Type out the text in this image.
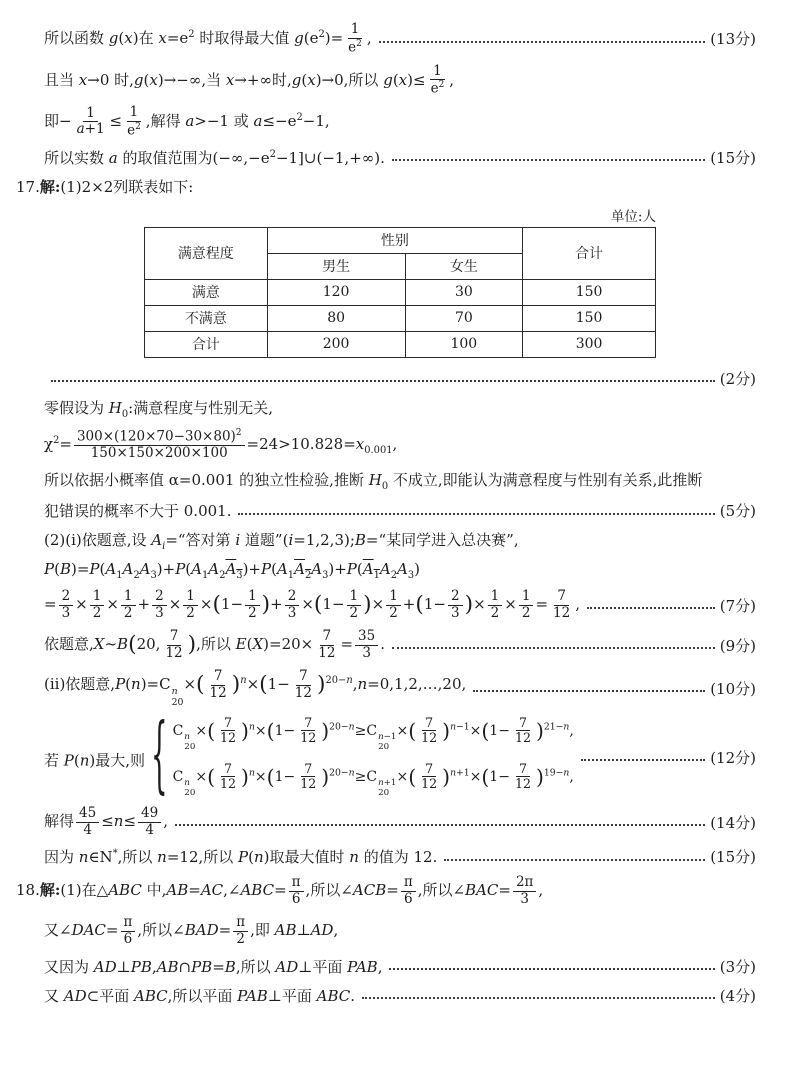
所以函数 g(x)在 $x=e^2$ 时取得最大值 $g(e^2)= \frac{1}{e^2}$ ,	(13分)
且当 x→0 时,g(x)→−∞,当 x→+∞时,g(x)→0,所以 $g(x)\le \frac{1}{e^2}$ ,
即− $\frac{1}{a+1} \le \frac{1}{e^2}$ ,解得 a>−1 或 $a\le-e^2-1$,
所以实数 a 的取值范围为$(-\infty,-e^2-1]\cup(-1,+\infty)$.	(15分)
17.解:(1)2×2列联表如下:
单位:人
满意程度	性别		合计
	男生	女生	
满意	120	30	150
不满意	80	70	150
合计	200	100	300
(2分)
零假设为 $H_0$:满意程度与性别无关,
$\chi^2= \frac{300\times(120\times 70-30\times 80)^2}{150\times 150\times 200\times 100} =24>10.828=x_{0.001}$,
所以依据小概率值 α=0.001 的独立性检验,推断 $H_0$ 不成立,即能认为满意程度与性别有关系,此推断
犯错误的概率不大于 0.001.	(5分)
(2)(i)依题意,设 $A_i=“$答对第 i 道题”(i=1,2,3);B=“某同学进入总决赛”,
$P(B)=P(A_1A_2A_3)+P(A_1A_2A_3)+P(A_1A_2A_3)+P(A_1A_2A_3)$
= $\frac{2}{3} \times \frac{1}{2} \times \frac{1}{2} + \frac{2}{3} \times \frac{1}{2} \times(1- \frac{1}{2}$ )+ $\frac{2}{3} \times(1- \frac{1}{2}$ )× $\frac{1}{2} +(1- \frac{2}{3}$ )× $\frac{1}{2} \times \frac{1}{2} = \frac{7}{12}$ ,	(7分)
依题意,X~B(20, $\frac{7}{12}$ ),所以 $E(X)=20\times \frac{7}{12} = \frac{35}{3}$ .	(9分)
(ii)依题意,P(n)=C n
20
×( $\frac{7}{12} )^n\times(1- \frac{7}{12}$ )$^{20-n},n=0,1,2,\dots,20$,	(10分)
若 P(n)最大,则 { C n
20
×( $\frac{7}{12} )^n\times(1- \frac{7}{12} )^{20-n}\ge C$ n−1
20
×( $\frac{7}{12} )^{n-1}\times(1- \frac{7}{12} )^{21-n}$,
C n
20
×( $\frac{7}{12} )^n\times(1- \frac{7}{12} )^{20-n}\ge C$ n+1
20
×( $\frac{7}{12} )^{n+1}\times(1- \frac{7}{12} )^{19-n}$,
(12分)
解得 $\frac{45}{4} \le n\le \frac{49}{4}$ ,	(14分)
因为 n∈N*,所以 n=12,所以 P(n)取最大值时 n 的值为 12.	(15分)
18.解:(1)在△ABC 中,AB=AC,∠ABC= $\frac{\pi}{6}$ ,所以∠ACB= $\frac{\pi}{6}$ ,所以∠BAC= $\frac{2\pi}{3}$ ,
又∠DAC= $\frac{\pi}{6}$ ,所以∠BAD= $\frac{\pi}{2}$ ,即 AB⊥AD,
又因为 AD⊥PB,AB∩PB=B,所以 AD⊥平面 PAB,	(3分)
又 AD⊂平面 ABC,所以平面 PAB⊥平面 ABC.	(4分)
